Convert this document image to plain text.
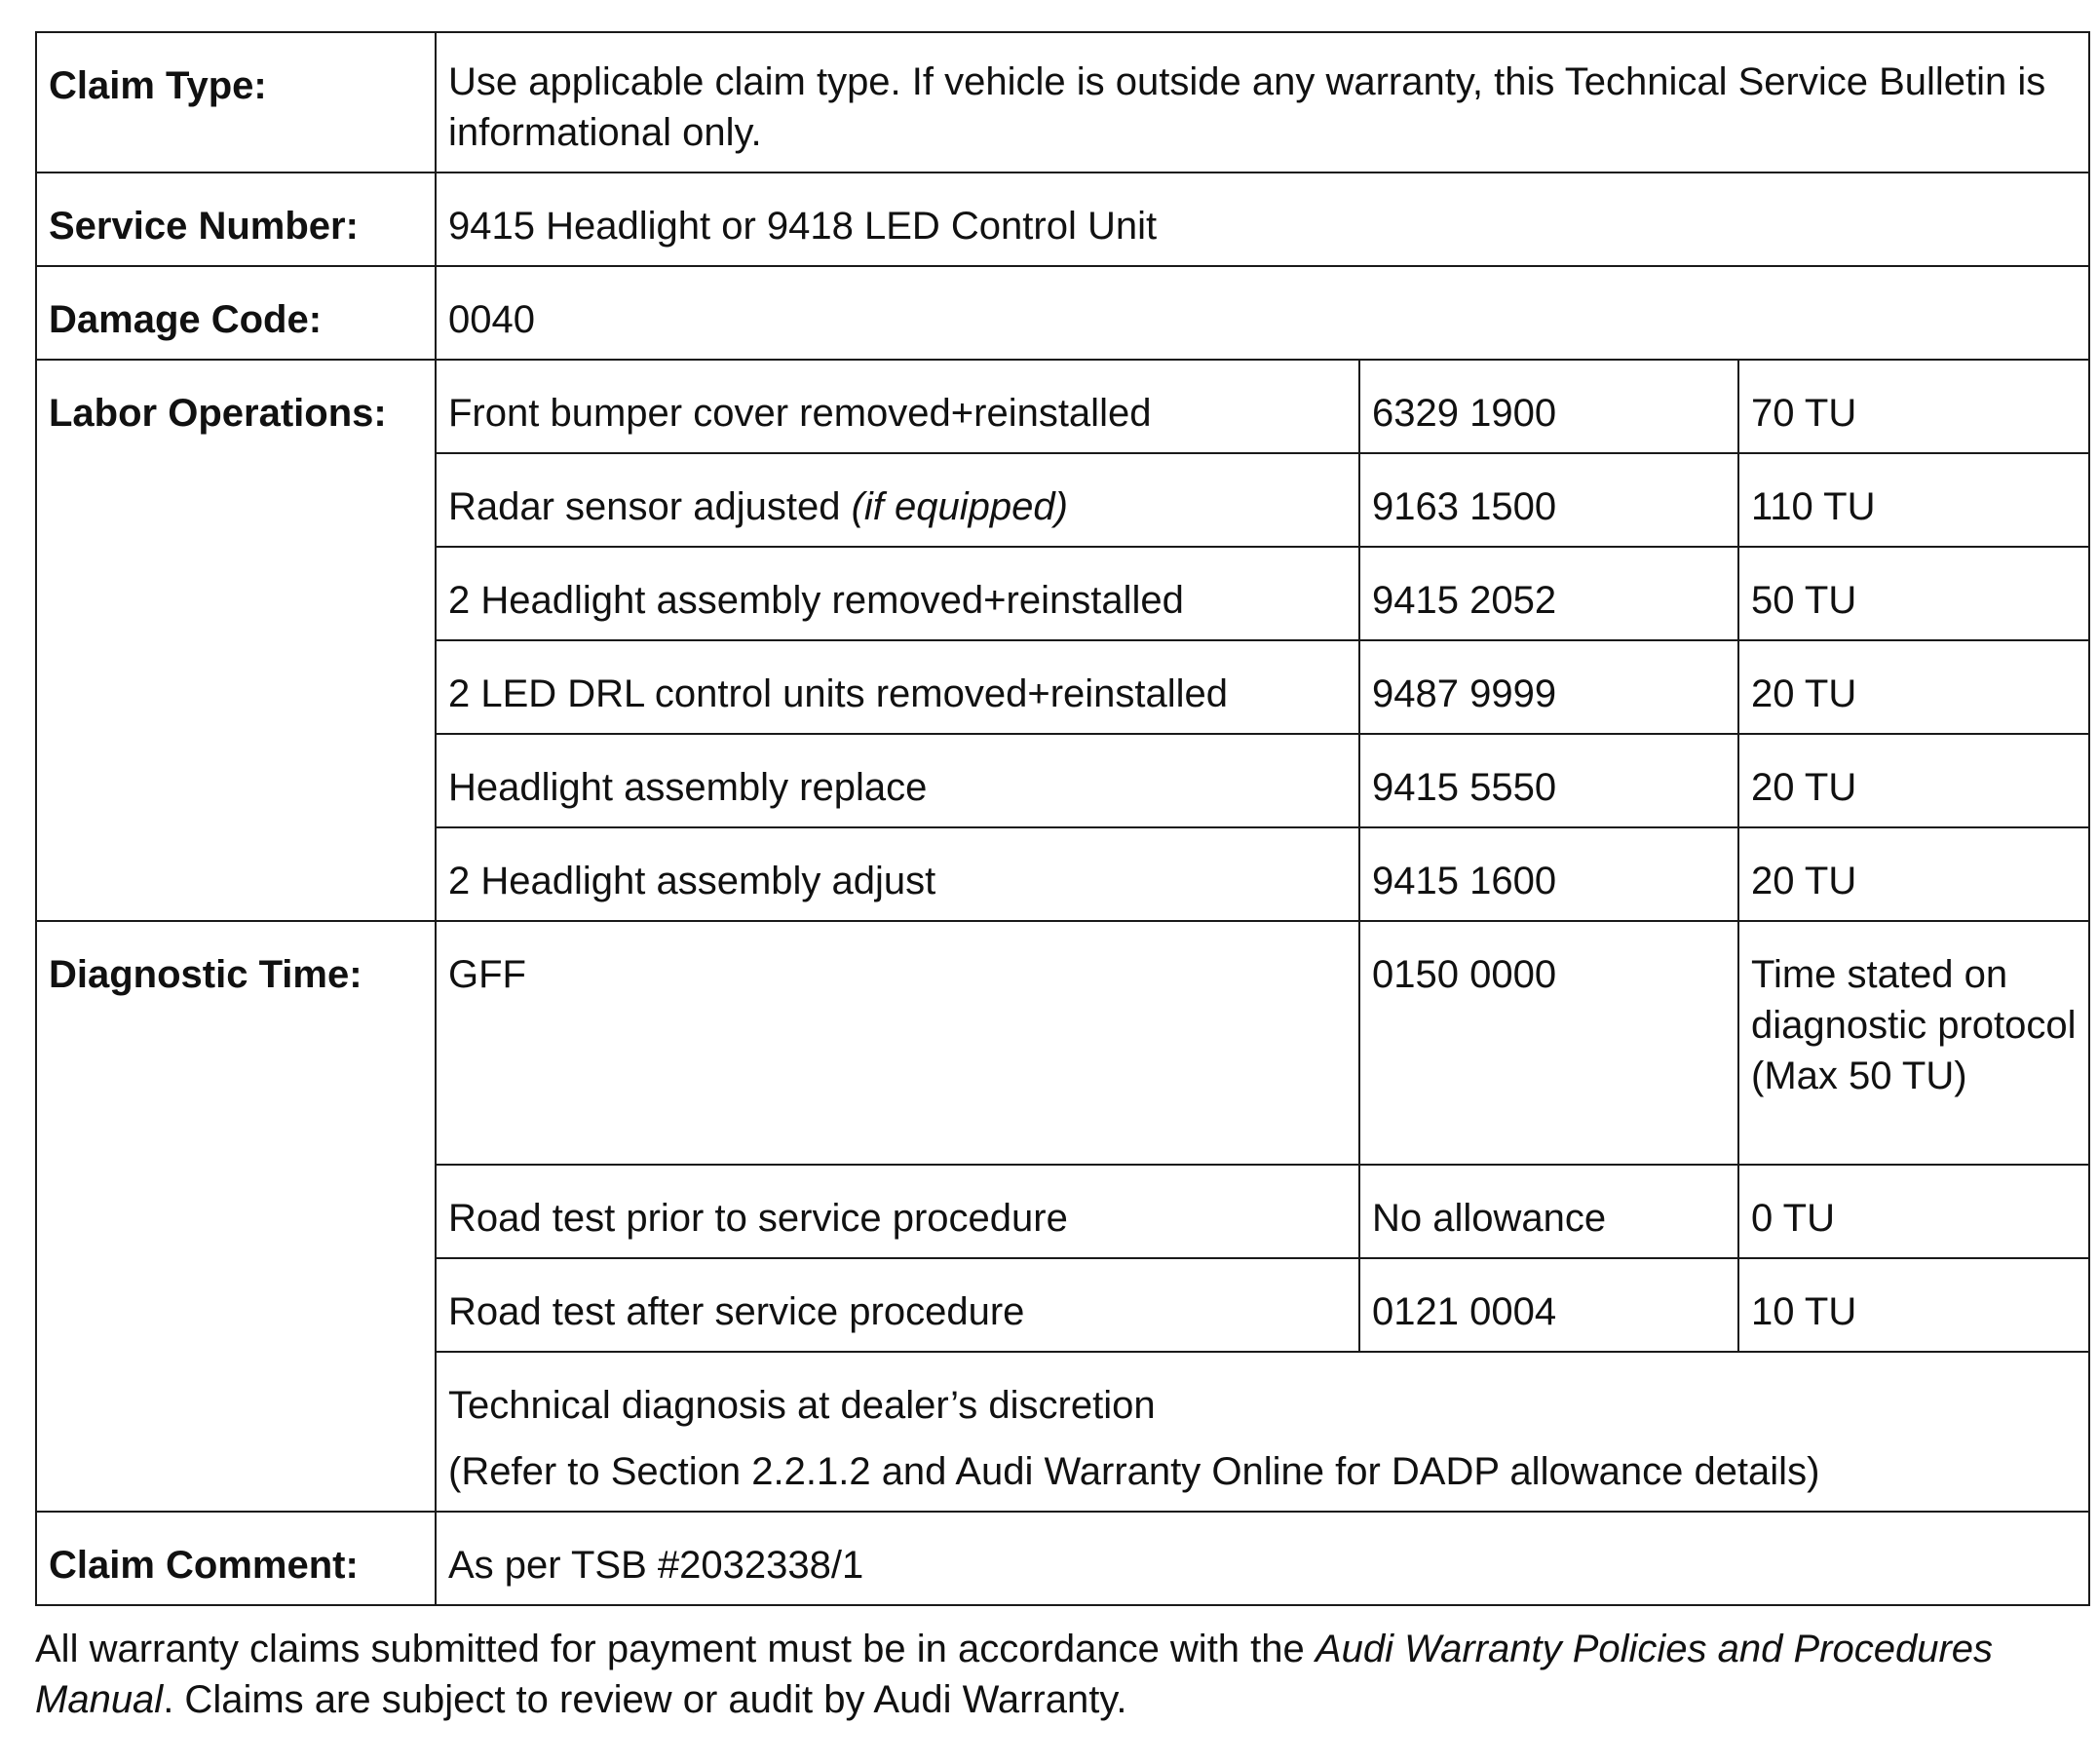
Claim Type:	Use applicable claim type. If vehicle is outside any warranty, this Technical Service Bulletin is informational only.		
Service Number:	9415 Headlight or 9418 LED Control Unit		
Damage Code:	0040		
Labor Operations:	Front bumper cover removed+reinstalled	6329 1900	70 TU
	Radar sensor adjusted (if equipped)	9163 1500	110 TU
	2 Headlight assembly removed+reinstalled	9415 2052	50 TU
	2 LED DRL control units removed+reinstalled	9487 9999	20 TU
	Headlight assembly replace	9415 5550	20 TU
	2 Headlight assembly adjust	9415 1600	20 TU
Diagnostic Time:	GFF	0150 0000	Time stated on diagnostic protocol (Max 50 TU)
	Road test prior to service procedure	No allowance	0 TU
	Road test after service procedure	0121 0004	10 TU

	Technical diagnosis at dealer’s discretion
(Refer to Section 2.2.1.2 and Audi Warranty Online for DADP allowance details)		

Claim Comment:	As per TSB #2032338/1		

All warranty claims submitted for payment must be in accordance with the Audi Warranty Policies and Procedures Manual. Claims are subject to review or audit by Audi Warranty.
